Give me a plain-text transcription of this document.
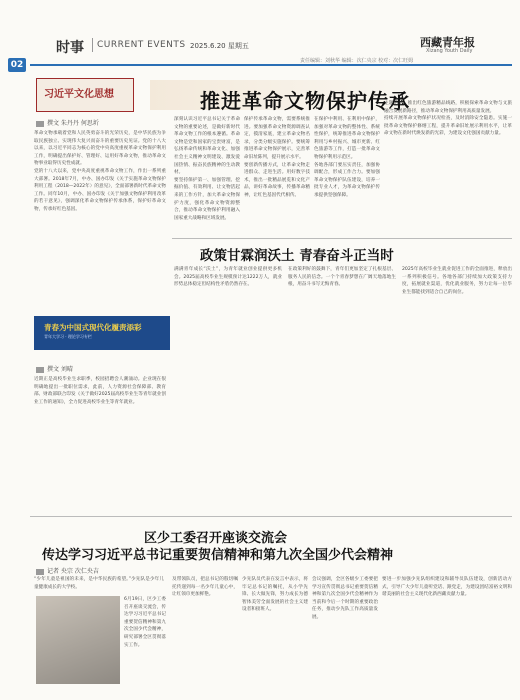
时事 CURRENT EVENTS 2025.6.20 星期五	西藏青年报
Xizang Youth Daily
02	责任编辑：刘秋华 编辑：次仁央宗 校对：次仁旺姆
习近平文化思想	推进革命文物保护传承
撰文 朱丹丹 何思圻
革命文物承载着党和人民英勇奋斗的光荣历史，是中华民族为争取民族独立、实现伟大复兴而奋斗的重要历史见证。党的十八大以来，以习近平同志为核心的党中央高度重视革命文物保护利用工作，明确提出保护好、管理好、运用好革命文物，推动革命文物事业取得历史性成就。
党的十八大以来，党中央高度重视革命文物工作，作出一系列重大部署。2018年7月，中办、国办印发《关于实施革命文物保护利用工程（2018—2022年）的意见》，全面部署新时代革命文物工作。同年10月，中办、国办印发《关于加强文物保护利用改革的若干意见》，强调深化革命文物保护传承体系，保护好革命文物，传承好红色基因。
深刻认识习近平总书记关于革命文物的重要论述，是做好新时代革命文物工作的根本遵循。革命文物是党和国家的宝贵财富，是弘扬革命传统和革命文化、加强社会主义精神文明建设、激发爱国热情、振奋民族精神的生动教材。
要坚持保护第一、加强管理、挖掘价值、有效利用、让文物活起来的工作方针，加大革命文物保护力度，强化革命文物资源整合，推动革命文物保护利用融入国家重大战略和区域发展。
保护传承革命文物，需要系统推进。要加强革命文物资源调查认定，摸清家底，建立革命文物名录，分类分级实施保护。要统筹推进革命文物保护展示，完善革命旧址陈列，提升展示水平。
要创新传播方式，让革命文物走进群众、走进生活。用好数字技术，推出一批精品展览和文化产品，讲好革命故事，传播革命精神，让红色基因代代相传。
在保护中利用、在利用中保护，加强对革命文物的整体性、系统性保护，统筹推进革命文物保护利用与乡村振兴、城市更新、红色旅游等工作，打造一批革命文物保护利用示范区。
各地各部门要压实责任，加强协调配合，形成工作合力。要加强革命文物保护队伍建设，培养一批专业人才，为革命文物保护传承提供坚强保障。
主题活动，推出红色旅游精品线路，积极探索革命文物与文旅融合发展新路径，推动革命文物保护利用高质量发展。
持续开展革命文物保护状况检查，及时消除安全隐患。实施一批革命文物保护修缮工程，提升革命旧址展示利用水平，让革命文物在新时代焕发新的光彩，为建设文化强国贡献力量。
青春为中国式现代化履责添彩
青年大学习 · 理论学习专栏
撰文 刘晴
近期正是高校毕业生求职季，校园招聘会人潮涌动。企业现在很明确地提出一批职位需求，此前，人力资源社会保障部、教育部、财政部联合印发《关于做好2025届高校毕业生等青年就业创业工作的通知》，全力促进高校毕业生等青年就业。
政策甘霖润沃土 青春奋斗正当时
满满青年成长“沃土”，为青年就业创业提供更多机会。2025届高校毕业生规模预计达1222万人，就业形势总体稳定但结构性矛盾仍然存在。
在政策利好的鼓舞下，青年们更加坚定了扎根基层、服务人民的信念。一个个青春梦想在广阔天地落地生根，用奋斗书写无悔青春。
2025年高校毕业生就业促进工作的全面推进，释放出一系列积极信号。各地各部门持续加大政策支持力度，拓展就业渠道，优化就业服务，努力让每一位毕业生都能找到适合自己的岗位。
区少工委召开座谈交流会
传达学习习近平总书记重要贺信精神和第九次全国少代会精神
记者 央宗 次仁央吉
“少年儿童是祖国的未来，是中华民族的希望。”少先队是少年儿童健康成长的大学校。
6月19日，区少工委召开座谈交流会，传达学习习近平总书记重要贺信精神和第九次全国少代会精神，研究部署全区贯彻落实工作。
及带领队员，把总书记的殷切嘱托传递到每一名少年儿童心中，让红领巾更加鲜艳。
少先队员代表在发言中表示，将牢记总书记的嘱托，从小学先锋、长大做先锋，努力成长为德智体美劳全面发展的社会主义建设者和接班人。
会议强调，全区各级少工委要把学习宣传贯彻总书记重要贺信精神和第九次全国少代会精神作为当前和今后一个时期的重要政治任务，推动少先队工作高质量发展。
要进一步加强少先队组织建设和辅导员队伍建设，创新活动方式，引导广大少年儿童听党话、跟党走，为建设团结富裕文明和谐美丽的社会主义现代化新西藏贡献力量。
